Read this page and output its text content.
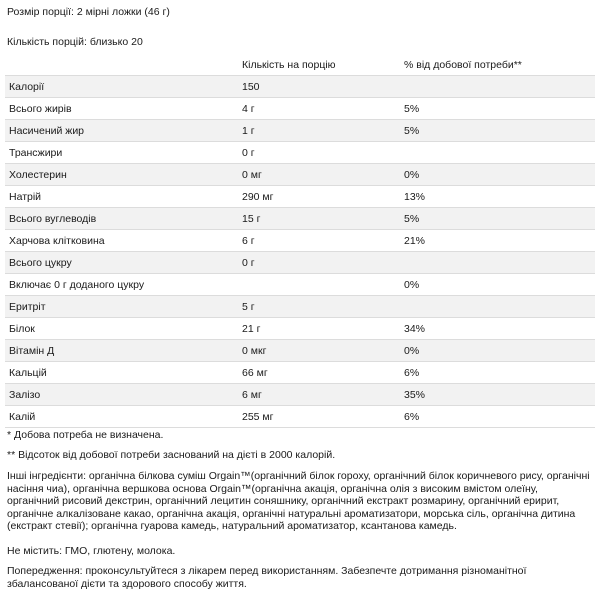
Розмір порції: 2 мірні ложки (46 г)
Кількість порцій: близько 20
	Кількість на порцію	% від добової потреби**
Калорії	150	
Всього жирів	4 г	5%
Насичений жир	1 г	5%
Трансжири	0 г	
Холестерин	0 мг	0%
Натрій	290 мг	13%
Всього вуглеводів	15 г	5%
Харчова клітковина	6 г	21%
Всього цукру	0 г	
Включає 0 г доданого цукру		0%
Еритріт	5 г	
Білок	21 г	34%
Вітамін Д	0 мкг	0%
Кальцій	66 мг	6%
Залізо	6 мг	35%
Калій	255 мг	6%
* Добова потреба не визначена.
** Відсоток від добової потреби заснований на дієті в 2000 калорій.
Інші інгредієнти: органічна білкова суміш Orgain™(органічний білок гороху, органічний білок коричневого рису, органічні насіння чиа), органічна вершкова основа Orgain™(органічна акація, органічна олія з високим вмістом олеїну, органічний рисовий декстрин, органічний лецитин соняшнику, органічний екстракт розмарину, органічний еририт, органічне алкалізоване какао, органічна акація, органічні натуральні ароматизатори, морська сіль, органічна дитина (екстракт стевії); органічна гуарова камедь, натуральний ароматизатор, ксантанова камедь.
Не містить: ГМО, глютену, молока.
Попередження: проконсультуйтеся з лікарем перед використанням. Забезпечте дотримання різноманітної збалансованої дієти та здорового способу життя.
